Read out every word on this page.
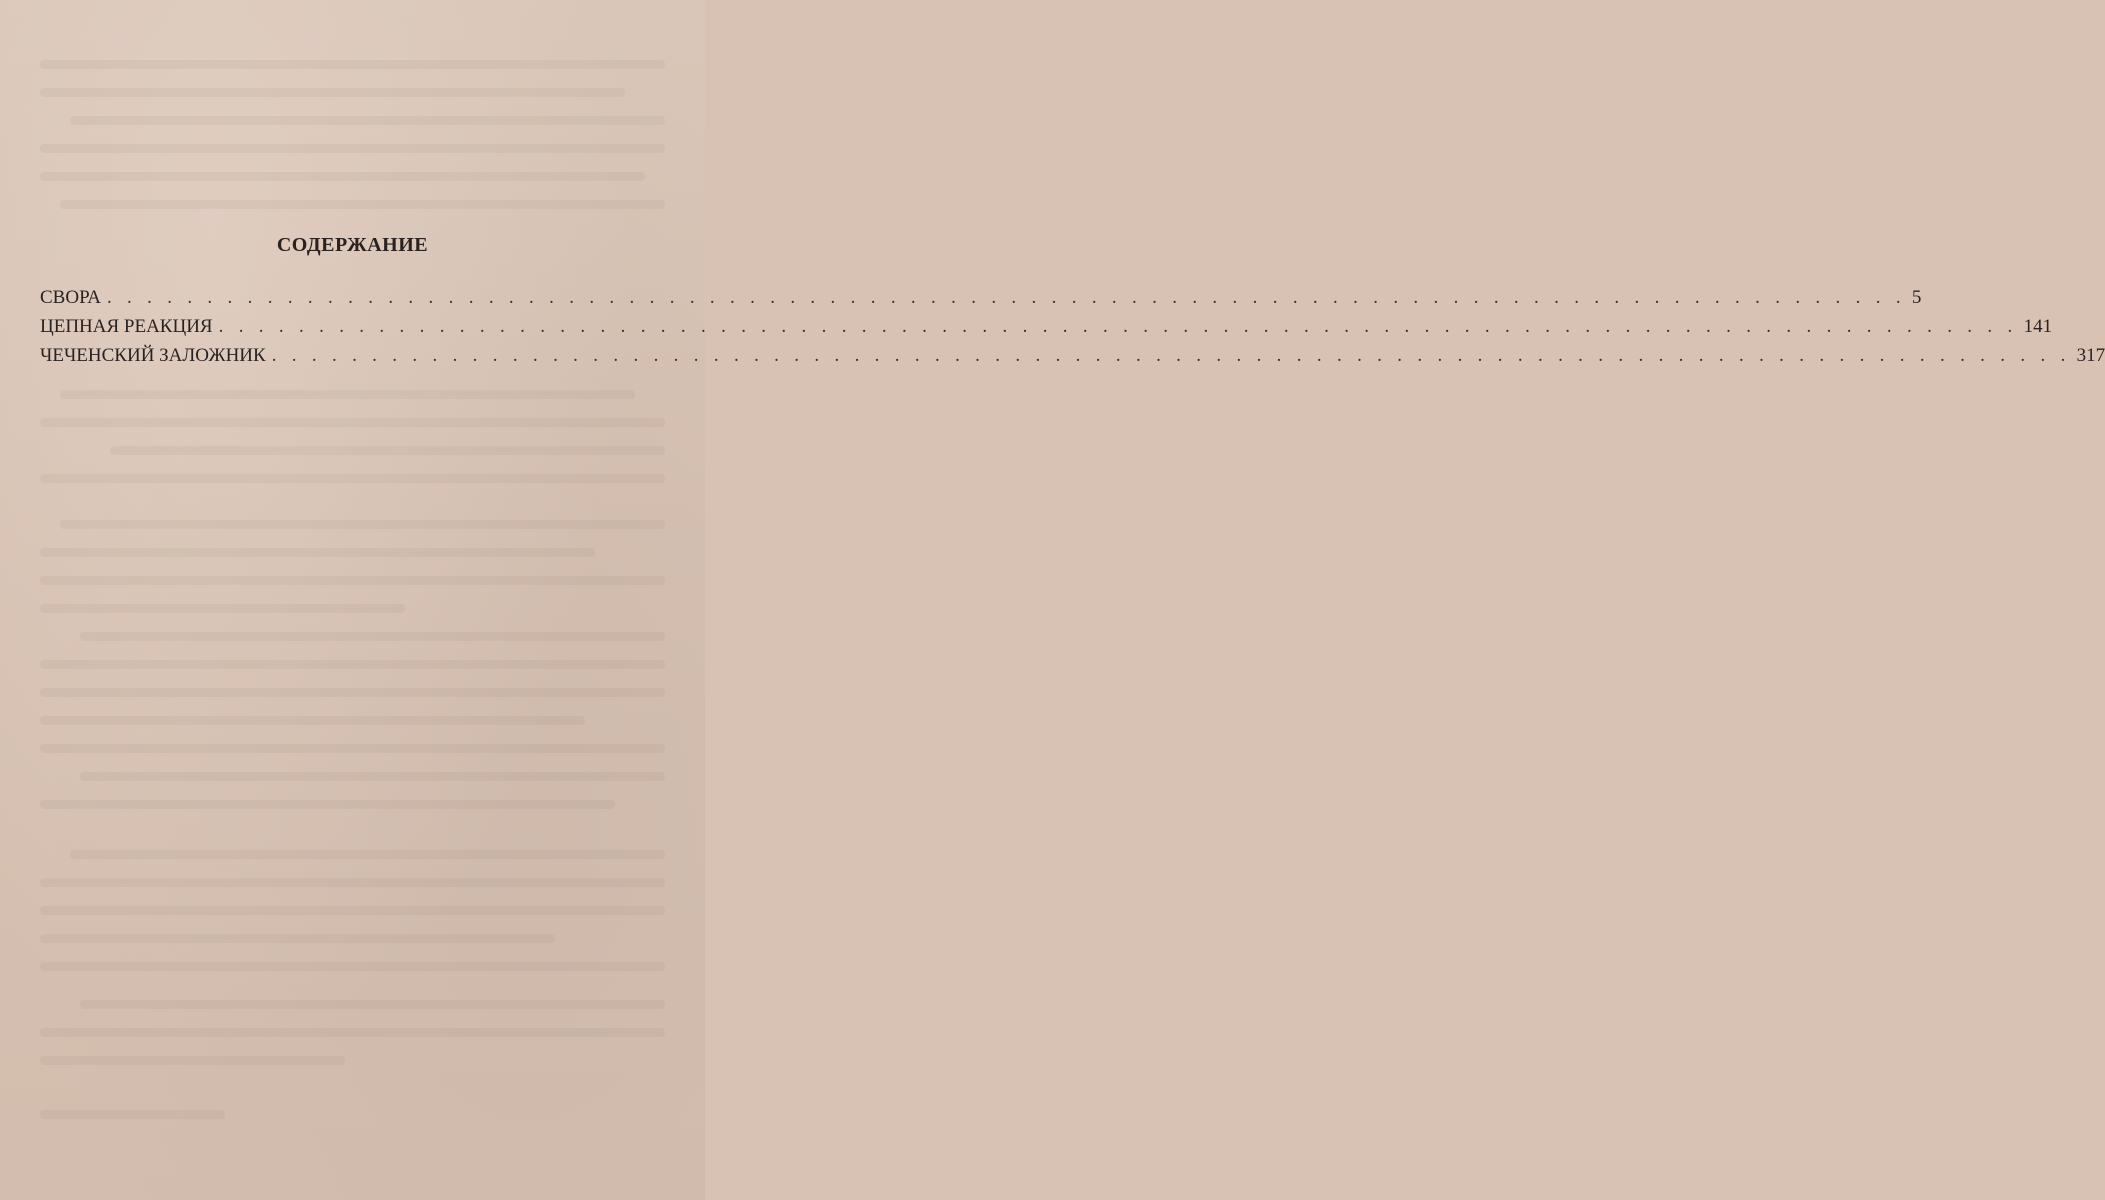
СОДЕРЖАНИЕ
СВОРА . . . . . . . . . . . . . . . . . . . . . . . . . . . . . . . . . . . . . . . . . . . . . . . . . . . . . . . . . . . . . . . . . . . . . . . . . . . . . . . . . . . . . . . . . . 5
ЦЕПНАЯ РЕАКЦИЯ . . . . . . . . . . . . . . . . . . . . . . . . . . . . . . . . . . . . . . . . . . . . . . . . . . . . . . . . . . . . . . . . . . . . . . . . . . . . . . . . . . . . . . . . . . 141
ЧЕЧЕНСКИЙ ЗАЛОЖНИК . . . . . . . . . . . . . . . . . . . . . . . . . . . . . . . . . . . . . . . . . . . . . . . . . . . . . . . . . . . . . . . . . . . . . . . . . . . . . . . . . . . . . . . . . . 317
